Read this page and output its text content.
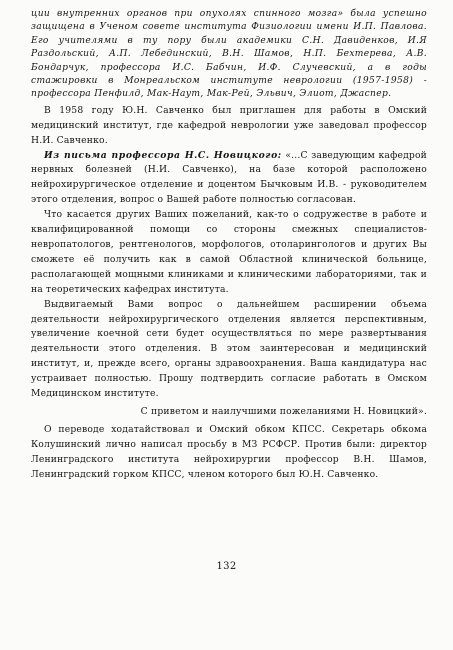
ции внутренних органов при опухолях спинного мозга» была успешно защищена в Ученом совете института Физиологии имени И.П. Павлова. Его учителями в ту пору были академики С.Н. Давиденков, И.Я Раздольский, А.П. Лебединский, В.Н. Шамов, Н.П. Бехтерева, А.В. Бондарчук, профессора И.С. Бабчин, И.Ф. Случевский, а в годы стажировки в Монреальском институте неврологии (1957-1958) - профессора Пенфилд, Мак-Наут, Мак-Рей, Эльвич, Элиот, Джаспер.

В 1958 году Ю.Н. Савченко был приглашен для работы в Омский медицинский институт, где кафедрой неврологии уже заведовал профессор Н.И. Савченко.

Из письма профессора Н.С. Новицкого: «...С заведующим кафедрой нервных болезней (Н.И. Савченко), на базе которой расположено нейрохирургическое отделение и доцентом Бычковым И.В. - руководителем этого отделения, вопрос о Вашей работе полностью согласован.

Что касается других Ваших пожеланий, как-то о содружестве в работе и квалифицированной помощи со стороны смежных специалистов-невропатологов, рентгенологов, морфологов, отоларингологов и других Вы сможете её получить как в самой Областной клинической больнице, располагающей мощными клиниками и клиническими лабораториями, так и на теоретических кафедрах института.

Выдвигаемый Вами вопрос о дальнейшем расширении объема деятельности нейрохирургического отделения является перспективным, увеличение коечной сети будет осуществляться по мере развертывания деятельности этого отделения. В этом заинтересован и медицинский институт, и, прежде всего, органы здравоохранения. Ваша кандидатура нас устраивает полностью. Прошу подтвердить согласие работать в Омском Медицинском институте.

С приветом и наилучшими пожеланиями Н. Новицкий».

О переводе ходатайствовал и Омский обком КПСС. Секретарь обкома Колушинский лично написал просьбу в МЗ РСФСР. Против были: директор Ленинградского института нейрохирургии профессор В.Н. Шамов, Ленинградский горком КПСС, членом которого был Ю.Н. Савченко.

132
